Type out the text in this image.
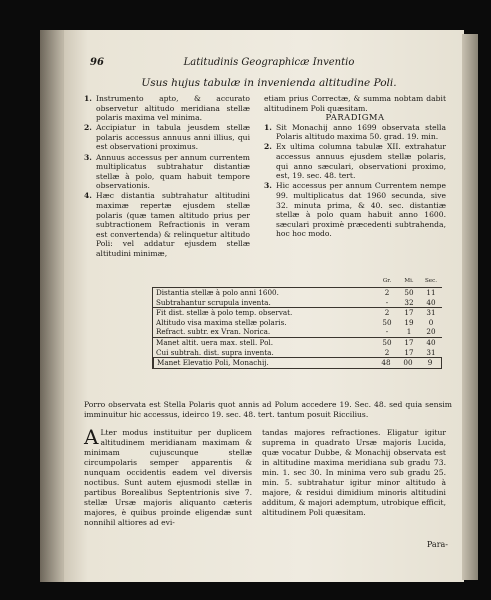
96	Latitudinis Geographicæ Inventio
Usus hujus tabulæ in invenienda altitudine Poli.
1. Instrumento apto, & accurato observetur altitudo meridiana stellæ polaris maxima vel minima.
2. Accipiatur in tabula jeusdem stellæ polaris accessus annuus anni illius, qui est observationi proximus.
3. Annuus accessus per annum currentem multiplicatus subtrahatur distantiæ stellæ à polo, quam habuit tempore observationis.
4. Hæc distantia subtrahatur altitudini maximæ repertæ ejusdem stellæ polaris (quæ tamen altitudo prius per subtractionem Refractionis in veram est convertenda) & relinquetur altitudo Poli: vel addatur ejusdem stellæ altitudini minimæ,
etiam prius Correctæ, & summa nobtam dabit altitudinem Poli quæsitam.
PARADIGMA
1. Sit Monachij anno 1699 observata stella Polaris altitudo maxima 50. grad. 19. min.
2. Ex ultima columna tabulæ XII. extrahatur accessus annuus ejusdem stellæ polaris, qui anno sæculari, observationi proximo, est, 19. sec. 48. tert.
3. Hic accessus per annum Currentem nempe 99. multiplicatus dat 1960 secunda, sive 32. minuta prima, & 40. sec. distantiæ stellæ à polo quam habuit anno 1600. sæculari proximè præcedenti subtrahenda, hoc hoc modo.
Gr.	Mi.	Sec.
Distantia stellæ à polo anni 1600.	2	50	11
Subtrahantur scrupula inventa.	-	32	40
Fit dist. stellæ à polo temp. observat.	2	17	31
Altitudo visa maxima stellæ polaris.	50	19	0
Refract. subtr. ex Vran. Norica.	-	1	20
Manet altit. uera max. stell. Pol.	50	17	40
Cui subtrah. dist. supra inventa.	2	17	31
Manet Elevatio Poli, Monachij.	48	00	9
Porro observata est Stella Polaris quot annis ad Polum accedere 19. Sec. 48. sed quia sensim imminuitur hic accessus, ideirco 19. sec. 48. tert. tantum posuit Riccilius.
A Lter modus instituitur per duplicem altitudinem meridianam maximam & minimam cujuscunque stellæ circumpolaris semper apparentis & nunquam occidentis eadem vel diversis noctibus. Sunt autem ejusmodi stellæ in partibus Borealibus Septentrionis sive 7. stellæ Ursæ majoris aliquanto cæteris majores, è quibus proinde eligendæ sunt nonnihil altiores ad evi-
tandas majores refractiones. Eligatur igitur suprema in quadrato Ursæ majoris Lucida, quæ vocatur Dubbe, & Monachij observata est in altitudine maxima meridiana sub gradu 73. min. 1. sec 30. In minima vero sub gradu 25. min. 5. subtrahatur igitur minor altitudo à majore, & residui dimidium minoris altitudini additum, & majori ademptum, utrobique efficit, altitudinem Poli quæsitam.
Para-
